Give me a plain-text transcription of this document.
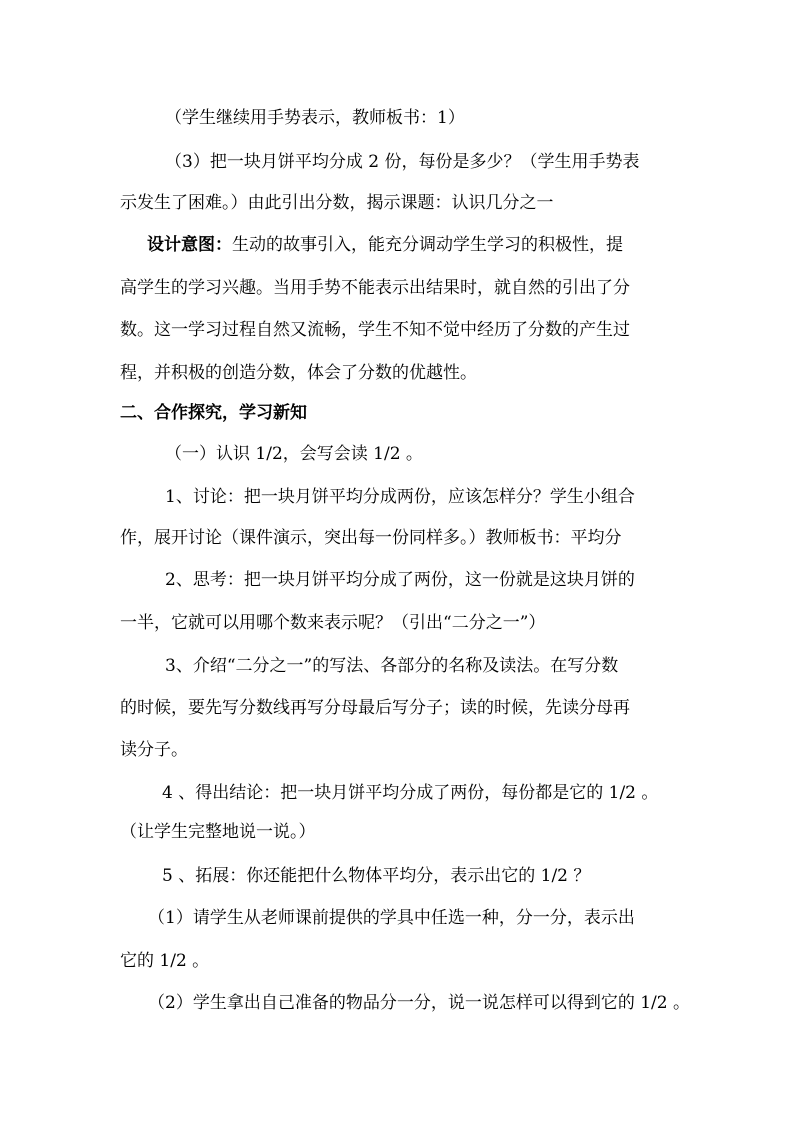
（学生继续用手势表示，教师板书：1）
（3）把一块月饼平均分成 2 份，每份是多少？（学生用手势表
示发生了困难。）由此引出分数，揭示课题：认识几分之一
设计意图：生动的故事引入，能充分调动学生学习的积极性，提
高学生的学习兴趣。当用手势不能表示出结果时，就自然的引出了分
数。这一学习过程自然又流畅，学生不知不觉中经历了分数的产生过
程，并积极的创造分数，体会了分数的优越性。
二、合作探究，学习新知
（一）认识 1/2，会写会读 1/2 。
1、讨论：把一块月饼平均分成两份，应该怎样分？学生小组合
作，展开讨论（课件演示，突出每一份同样多。）教师板书：平均分
2、思考：把一块月饼平均分成了两份，这一份就是这块月饼的
一半，它就可以用哪个数来表示呢？（引出“二分之一”）
3、介绍“二分之一”的写法、各部分的名称及读法。在写分数
的时候，要先写分数线再写分母最后写分子；读的时候，先读分母再
读分子。
4 、得出结论：把一块月饼平均分成了两份，每份都是它的 1/2 。
（让学生完整地说一说。）
5 、拓展：你还能把什么物体平均分，表示出它的 1/2 ？
（1）请学生从老师课前提供的学具中任选一种，分一分，表示出
它的 1/2 。
（2）学生拿出自己准备的物品分一分，说一说怎样可以得到它的 1/2 。
